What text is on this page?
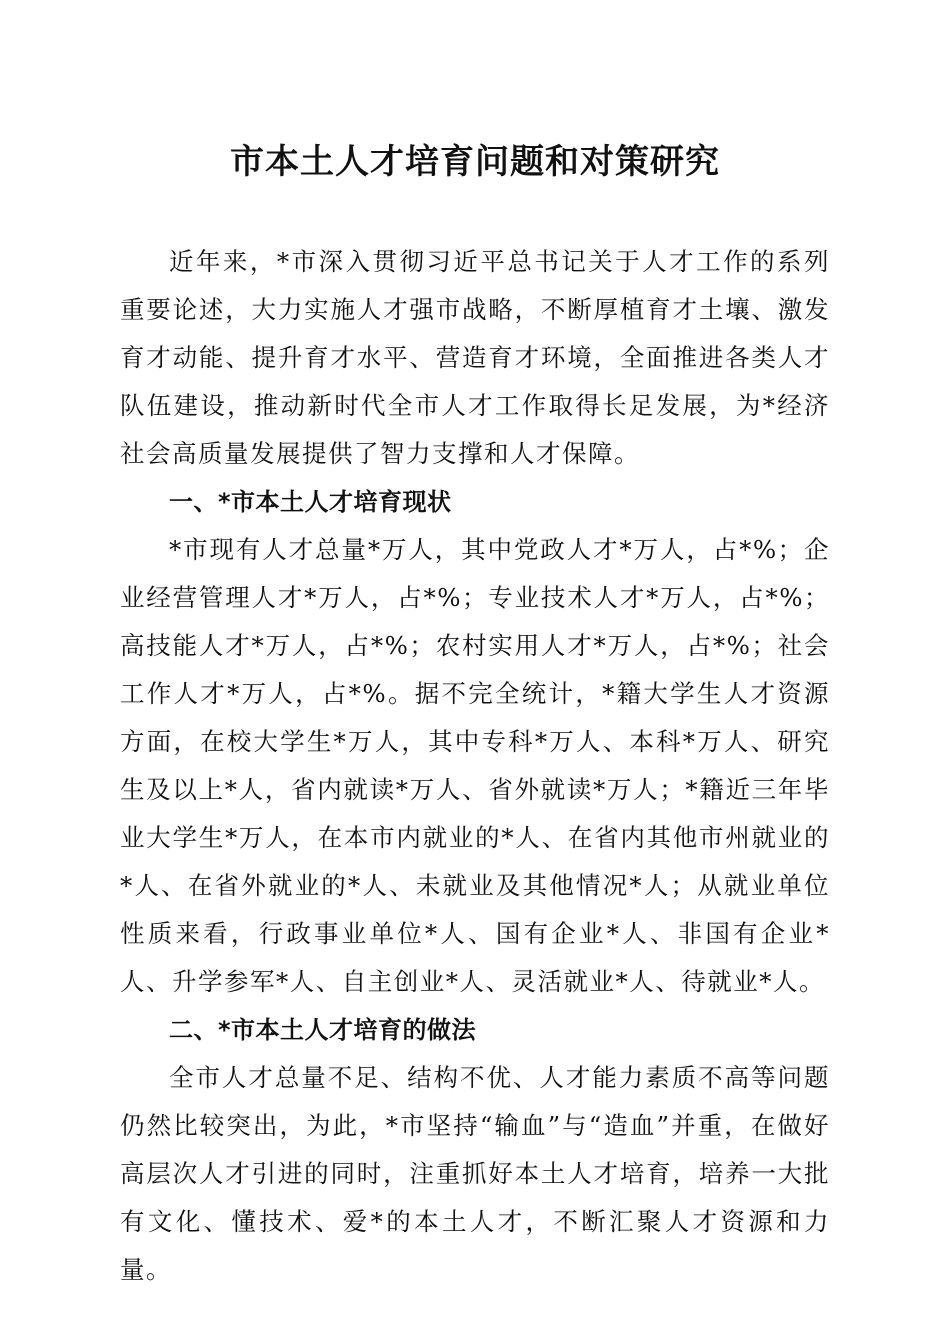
市本土人才培育问题和对策研究

近年来，*市深入贯彻习近平总书记关于人才工作的系列重要论述，大力实施人才强市战略，不断厚植育才土壤、激发育才动能、提升育才水平、营造育才环境，全面推进各类人才队伍建设，推动新时代全市人才工作取得长足发展，为*经济社会高质量发展提供了智力支撑和人才保障。

一、*市本土人才培育现状

*市现有人才总量*万人，其中党政人才*万人，占*%；企业经营管理人才*万人，占*%；专业技术人才*万人，占*%；高技能人才*万人，占*%；农村实用人才*万人，占*%；社会工作人才*万人，占*%。据不完全统计，*籍大学生人才资源方面，在校大学生*万人，其中专科*万人、本科*万人、研究生及以上*人，省内就读*万人、省外就读*万人；*籍近三年毕业大学生*万人，在本市内就业的*人、在省内其他市州就业的*人、在省外就业的*人、未就业及其他情况*人；从就业单位性质来看，行政事业单位*人、国有企业*人、非国有企业*人、升学参军*人、自主创业*人、灵活就业*人、待就业*人。

二、*市本土人才培育的做法

全市人才总量不足、结构不优、人才能力素质不高等问题仍然比较突出，为此，*市坚持“输血”与“造血”并重，在做好高层次人才引进的同时，注重抓好本土人才培育，培养一大批有文化、懂技术、爱*的本土人才，不断汇聚人才资源和力量。
